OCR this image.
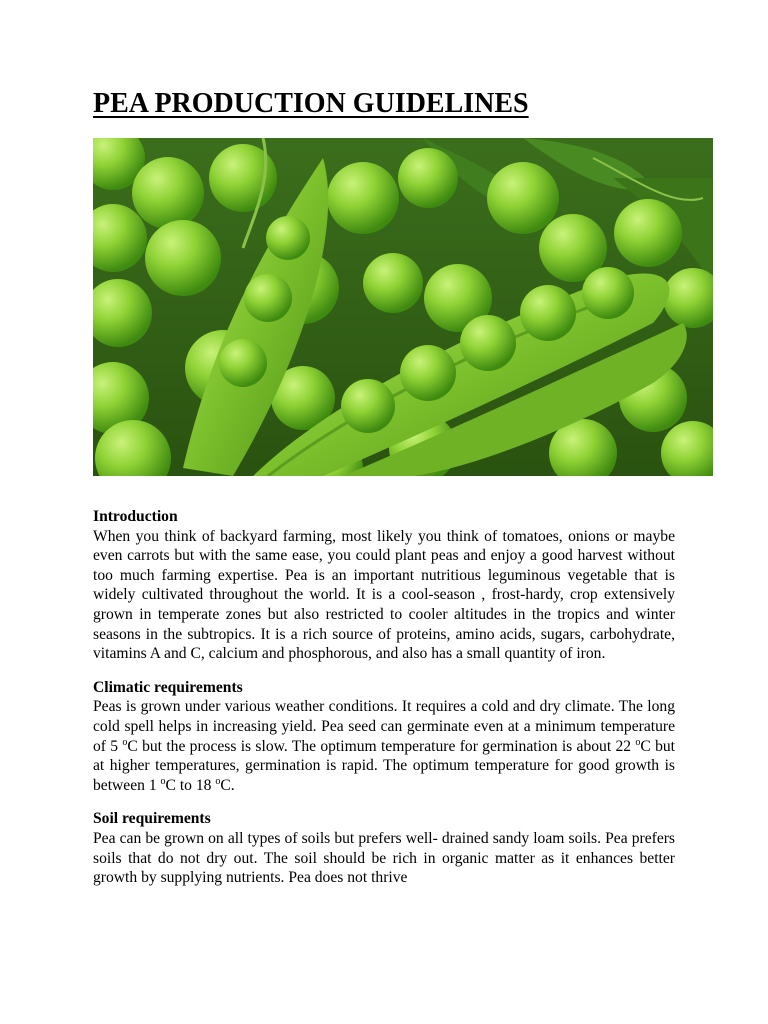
PEA PRODUCTION GUIDELINES
Introduction

When you think of backyard farming, most likely you think of tomatoes, onions or maybe even carrots but with the same ease, you could plant peas and enjoy a good harvest without too much farming expertise. Pea is an important nutritious leguminous vegetable that is widely cultivated throughout the world. It is a cool-season , frost-hardy, crop extensively grown in temperate zones but also restricted to cooler altitudes in the tropics and winter seasons in the subtropics. It is a rich source of proteins, amino acids, sugars, carbohydrate, vitamins A and C, calcium and phosphorous, and also has a small quantity of iron.

Climatic requirements

Peas is grown under various weather conditions. It requires a cold and dry climate. The long cold spell helps in increasing yield. Pea seed can germinate even at a minimum temperature of 5 $^o$C but the process is slow. The optimum temperature for germination is about 22 $^o$C but at higher temperatures, germination is rapid. The optimum temperature for good growth is between 1 $^o$C to 18 $^o$C.

Soil requirements

Pea can be grown on all types of soils but prefers well- drained sandy loam soils. Pea prefers soils that do not dry out. The soil should be rich in organic matter as it enhances better growth by supplying nutrients. Pea does not thrive
